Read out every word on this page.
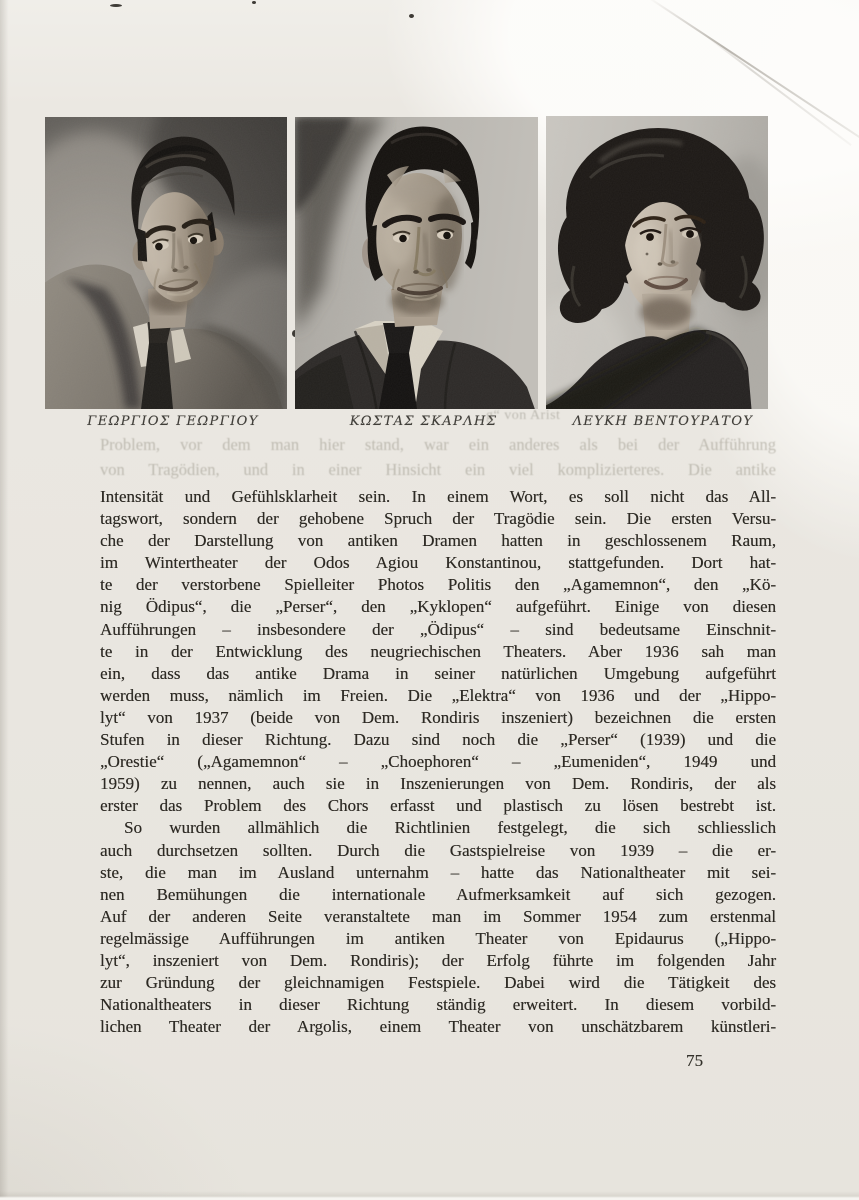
ΓΕΩΡΓΙΟΣ ΓΕΩΡΓΙΟΥ	ΚΩΣΤΑΣ ΣΚΑΡΛΗΣ	ΛΕΥΚΗ ΒΕΝΤΟΥΡΑΤΟΥ
g“ von Arist
Problem, vor dem man hier stand, war ein anderes als bei der Aufführung
von Tragödien, und in einer Hinsicht ein viel komplizierteres. Die antike
Intensität und Gefühlsklarheit sein. In einem Wort, es soll nicht das All-
tagswort, sondern der gehobene Spruch der Tragödie sein. Die ersten Versu-
che der Darstellung von antiken Dramen hatten in geschlossenem Raum,
im Wintertheater der Odos Agiou Konstantinou, stattgefunden. Dort hat-
te der verstorbene Spielleiter Photos Politis den „Agamemnon“, den „Kö-
nig Ödipus“, die „Perser“, den „Kyklopen“ aufgeführt. Einige von diesen
Aufführungen – insbesondere der „Ödipus“ – sind bedeutsame Einschnit-
te in der Entwicklung des neugriechischen Theaters. Aber 1936 sah man
ein, dass das antike Drama in seiner natürlichen Umgebung aufgeführt
werden muss, nämlich im Freien. Die „Elektra“ von 1936 und der „Hippo-
lyt“ von 1937 (beide von Dem. Rondiris inszeniert) bezeichnen die ersten
Stufen in dieser Richtung. Dazu sind noch die „Perser“ (1939) und die
„Orestie“ („Agamemnon“ – „Choephoren“ – „Eumeniden“, 1949 und
1959) zu nennen, auch sie in Inszenierungen von Dem. Rondiris, der als
erster das Problem des Chors erfasst und plastisch zu lösen bestrebt ist.
So wurden allmählich die Richtlinien festgelegt, die sich schliesslich
auch durchsetzen sollten. Durch die Gastspielreise von 1939 – die er-
ste, die man im Ausland unternahm – hatte das Nationaltheater mit sei-
nen Bemühungen die internationale Aufmerksamkeit auf sich gezogen.
Auf der anderen Seite veranstaltete man im Sommer 1954 zum erstenmal
regelmässige Aufführungen im antiken Theater von Epidaurus („Hippo-
lyt“, inszeniert von Dem. Rondiris); der Erfolg führte im folgenden Jahr
zur Gründung der gleichnamigen Festspiele. Dabei wird die Tätigkeit des
Nationaltheaters in dieser Richtung ständig erweitert. In diesem vorbild-
lichen Theater der Argolis, einem Theater von unschätzbarem künstleri-
75
